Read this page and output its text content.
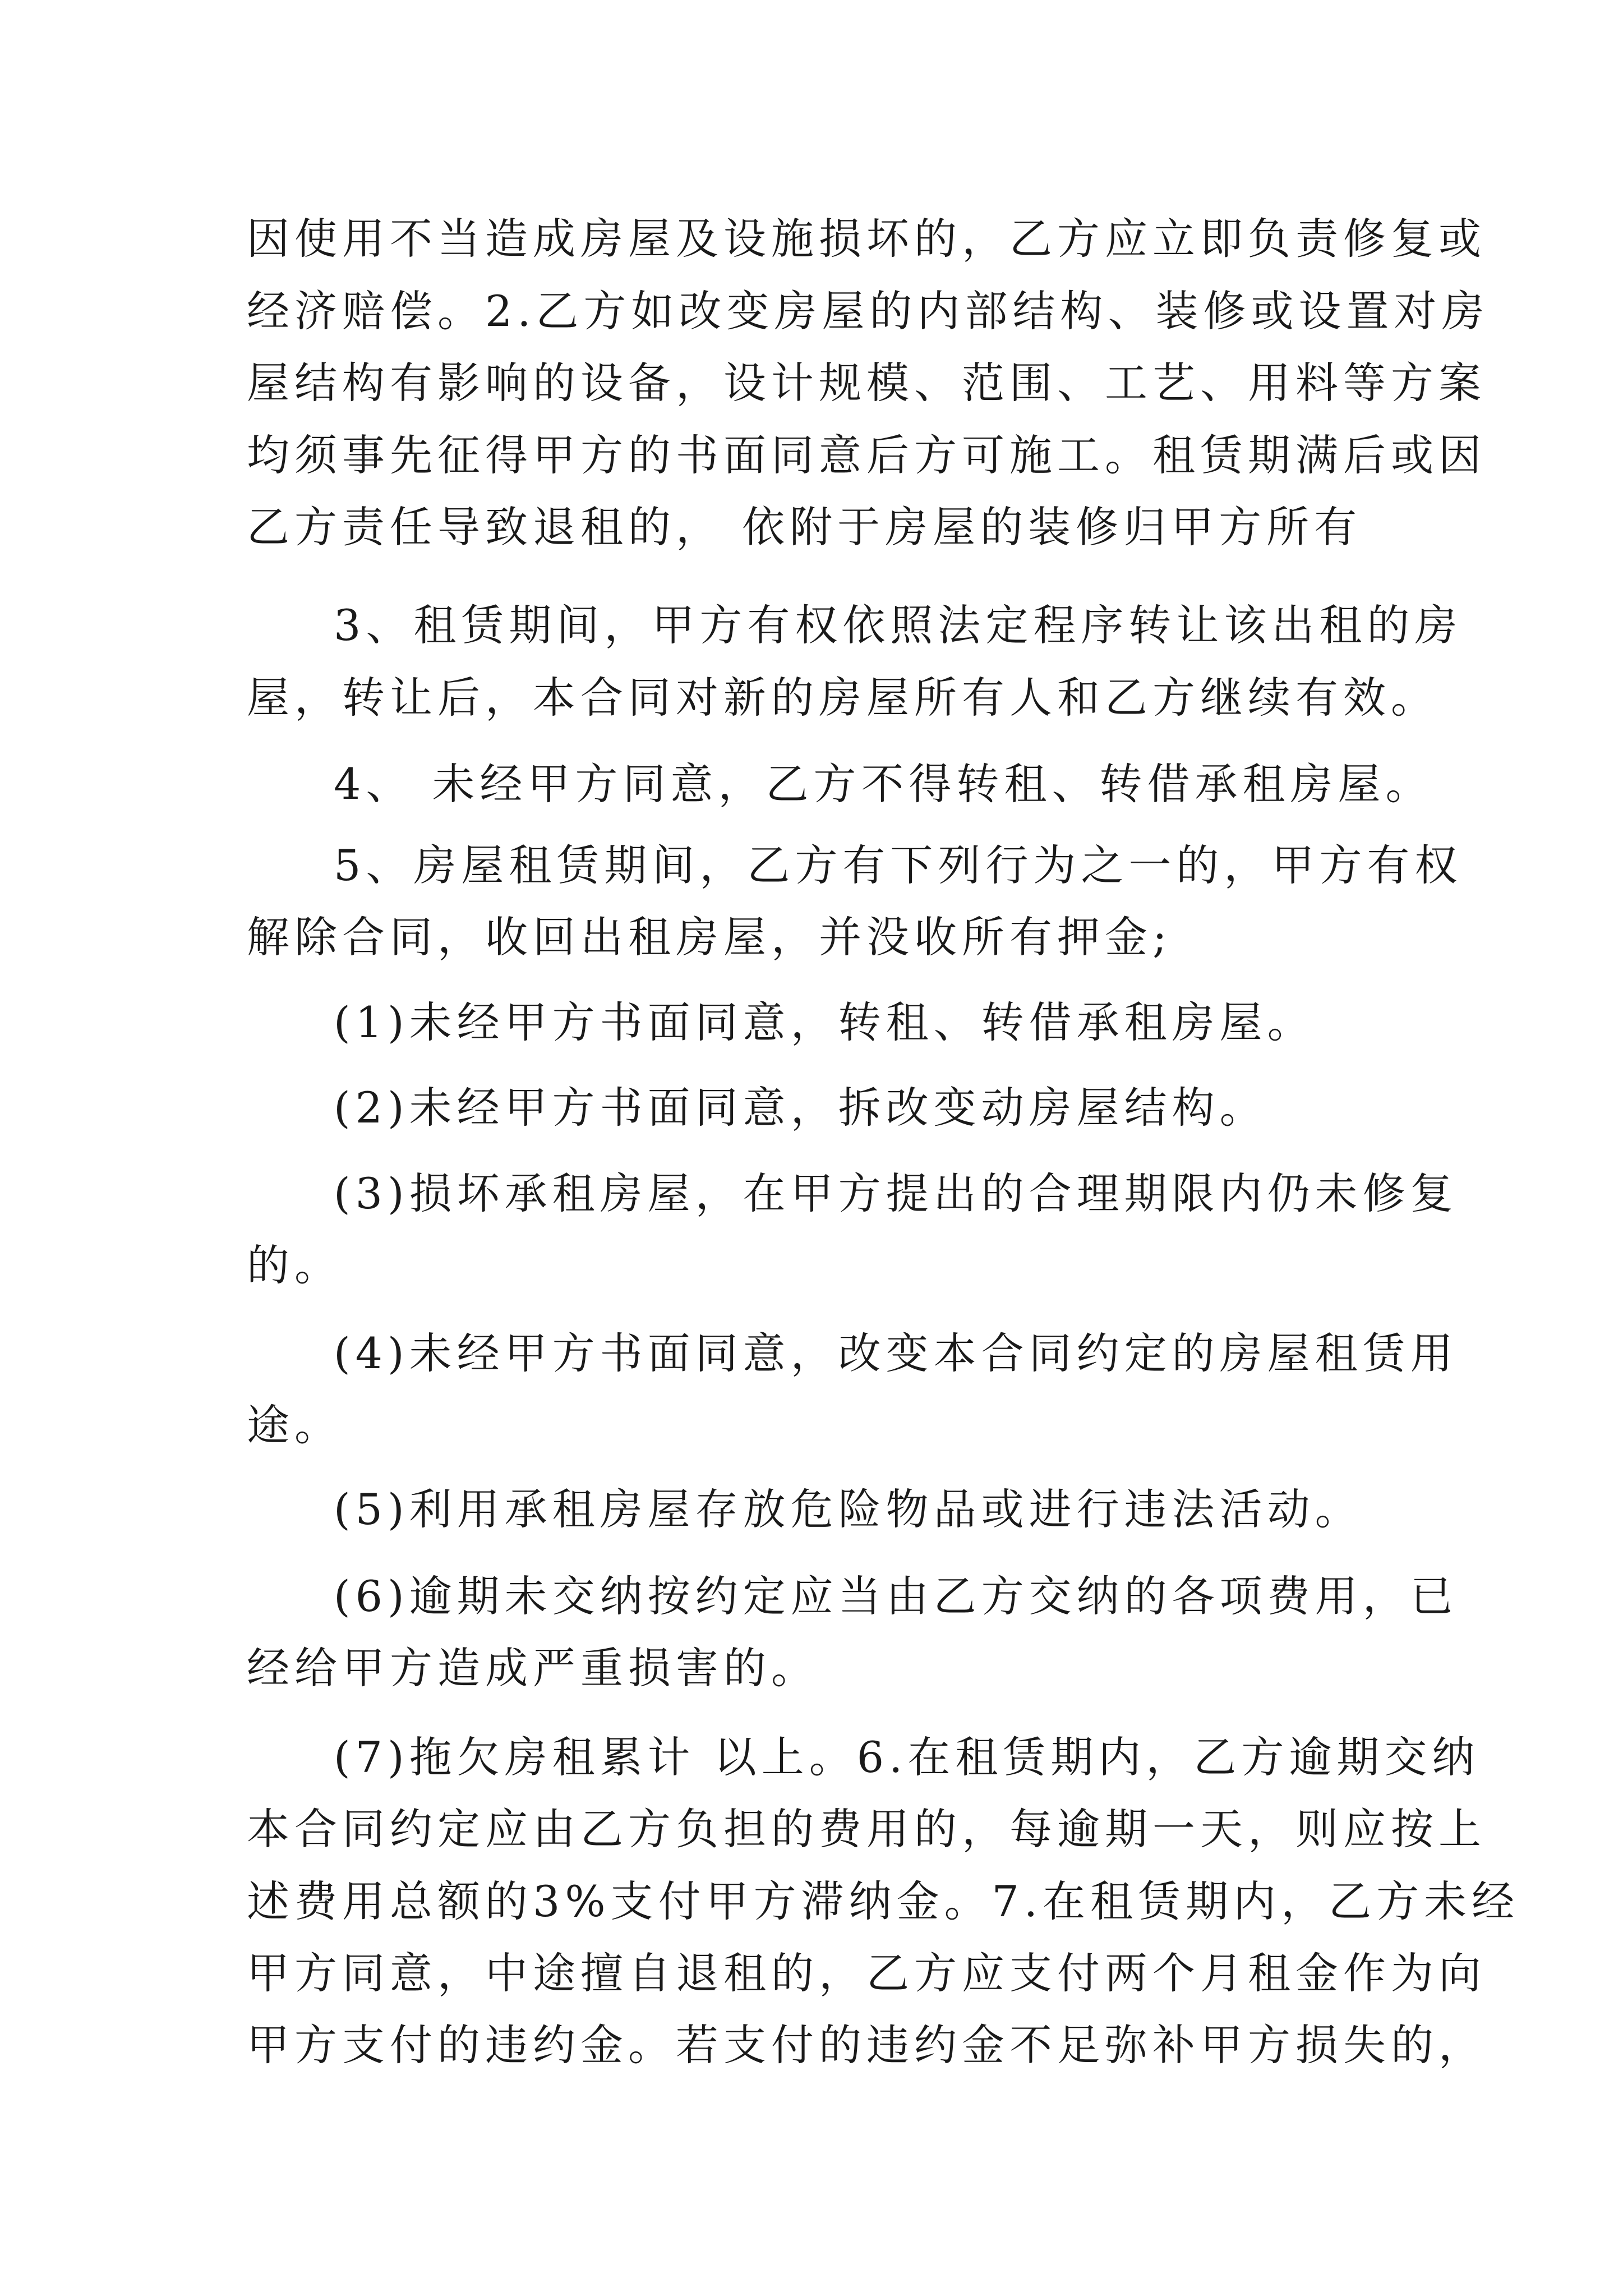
因使用不当造成房屋及设施损坏的，乙方应立即负责修复或
经济赔偿。2.乙方如改变房屋的内部结构、装修或设置对房
屋结构有影响的设备，设计规模、范围、工艺、用料等方案
均须事先征得甲方的书面同意后方可施工。租赁期满后或因
乙方责任导致退租的， 依附于房屋的装修归甲方所有
3、租赁期间，甲方有权依照法定程序转让该出租的房
屋，转让后，本合同对新的房屋所有人和乙方继续有效。
4、 未经甲方同意，乙方不得转租、转借承租房屋。
5、房屋租赁期间，乙方有下列行为之一的，甲方有权
解除合同，收回出租房屋，并没收所有押金;
(1)未经甲方书面同意，转租、转借承租房屋。
(2)未经甲方书面同意，拆改变动房屋结构。
(3)损坏承租房屋，在甲方提出的合理期限内仍未修复
的。
(4)未经甲方书面同意，改变本合同约定的房屋租赁用
途。
(5)利用承租房屋存放危险物品或进行违法活动。
(6)逾期未交纳按约定应当由乙方交纳的各项费用，已
经给甲方造成严重损害的。
(7)拖欠房租累计 以上。6.在租赁期内，乙方逾期交纳
本合同约定应由乙方负担的费用的，每逾期一天，则应按上
述费用总额的3%支付甲方滞纳金。7.在租赁期内，乙方未经
甲方同意，中途擅自退租的，乙方应支付两个月租金作为向
甲方支付的违约金。若支付的违约金不足弥补甲方损失的，
